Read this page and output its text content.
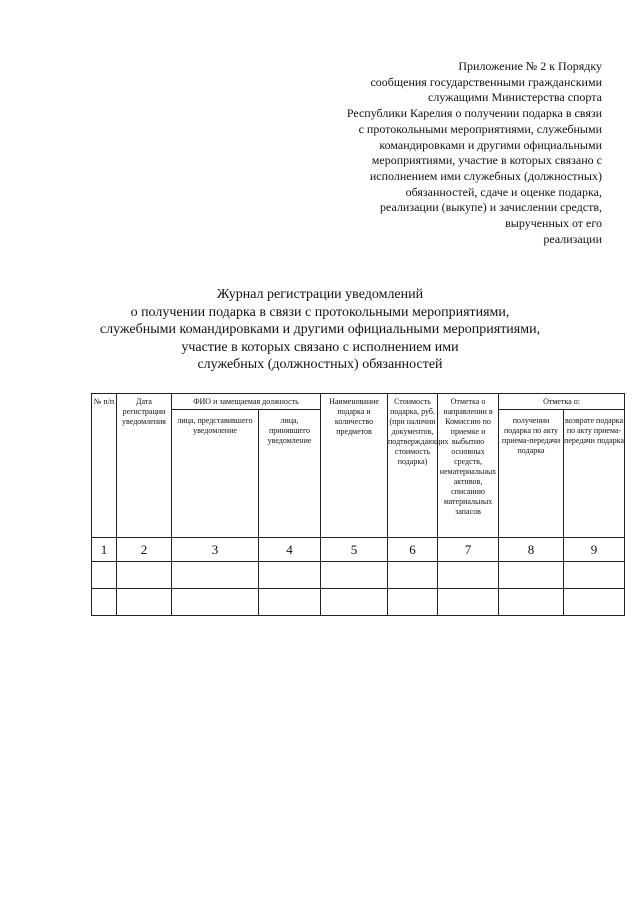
Приложение № 2 к Порядку
сообщения государственными гражданскими
служащими Министерства спорта
Республики Карелия о получении подарка в связи
с протокольными мероприятиями, служебными
командировками и другими официальными
мероприятиями, участие в которых связано с
исполнением ими служебных (должностных)
обязанностей, сдаче и оценке подарка,
реализации (выкупе) и зачислении средств,
вырученных от его
реализации
Журнал регистрации уведомлений
о получении подарка в связи с протокольными мероприятиями,
служебными командировками и другими официальными мероприятиями,
участие в которых связано с исполнением ими
служебных (должностных) обязанностей
№ п/п	Дата регистрации уведомления	ФИО и замещаемая должность		Наименование подарка и количество предметов	Стоимость подарка, руб. (при наличии документов, подтверждающих стоимость подарка)	Отметка о направлении в Комиссию по приемке и выбытию основных средств, нематериальных активов, списанию материальных запасов	Отметка о:	
		лица, представившего уведомление	лица, принявшего уведомление				получении подарка по акту приема-передачи подарка	возврате подарка по акту приема-передачи подарка
1	2	3	4	5	6	7	8	9
